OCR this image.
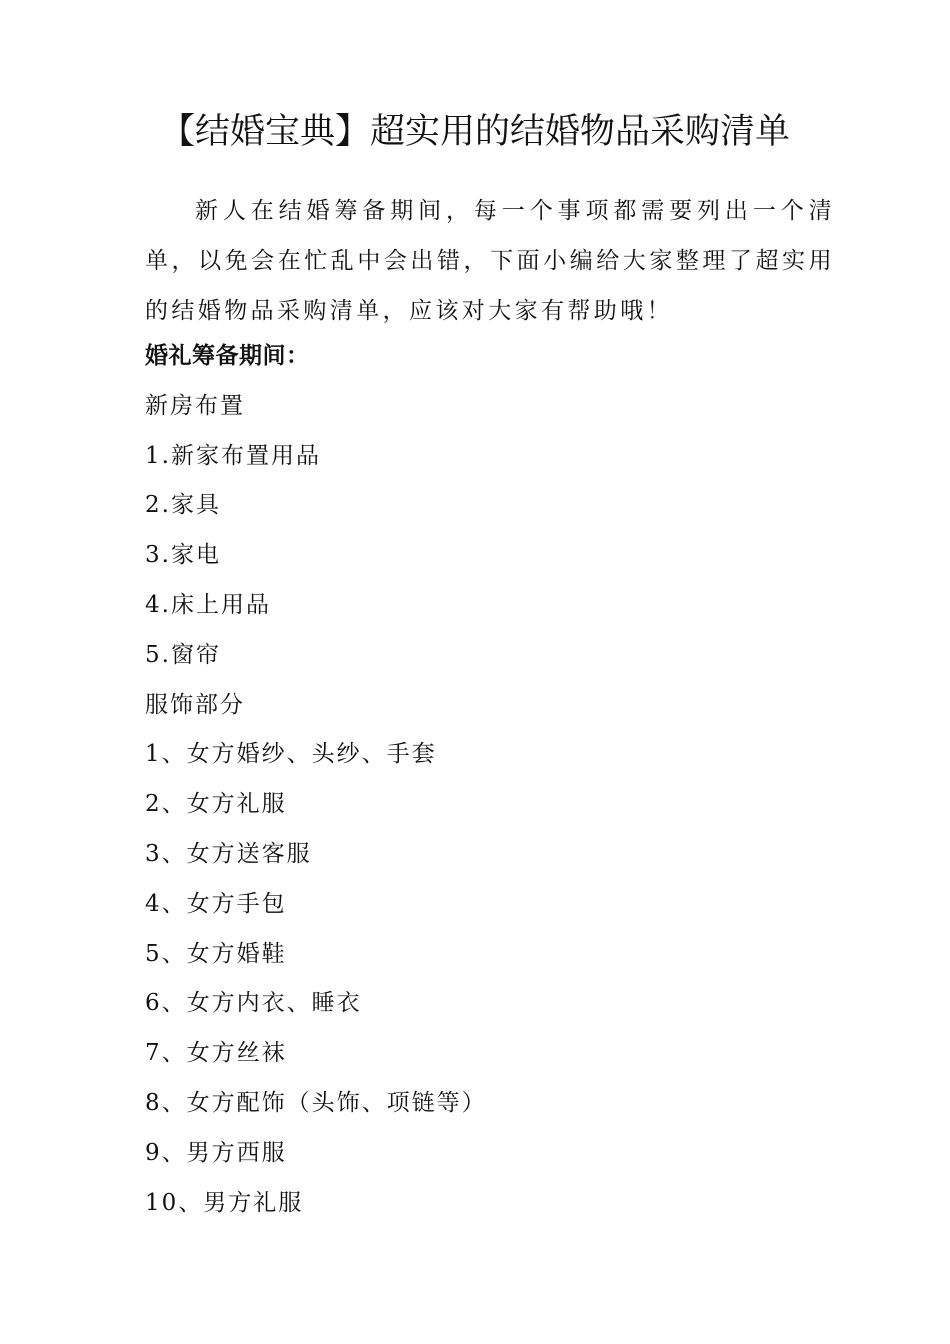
【结婚宝典】超实用的结婚物品采购清单

新人在结婚筹备期间，每一个事项都需要列出一个清单，以免会在忙乱中会出错，下面小编给大家整理了超实用的结婚物品采购清单，应该对大家有帮助哦！

婚礼筹备期间：
新房布置
1.新家布置用品
2.家具
3.家电
4.床上用品
5.窗帘
服饰部分
1、女方婚纱、头纱、手套
2、女方礼服
3、女方送客服
4、女方手包
5、女方婚鞋
6、女方内衣、睡衣
7、女方丝袜
8、女方配饰（头饰、项链等）
9、男方西服
10、男方礼服
